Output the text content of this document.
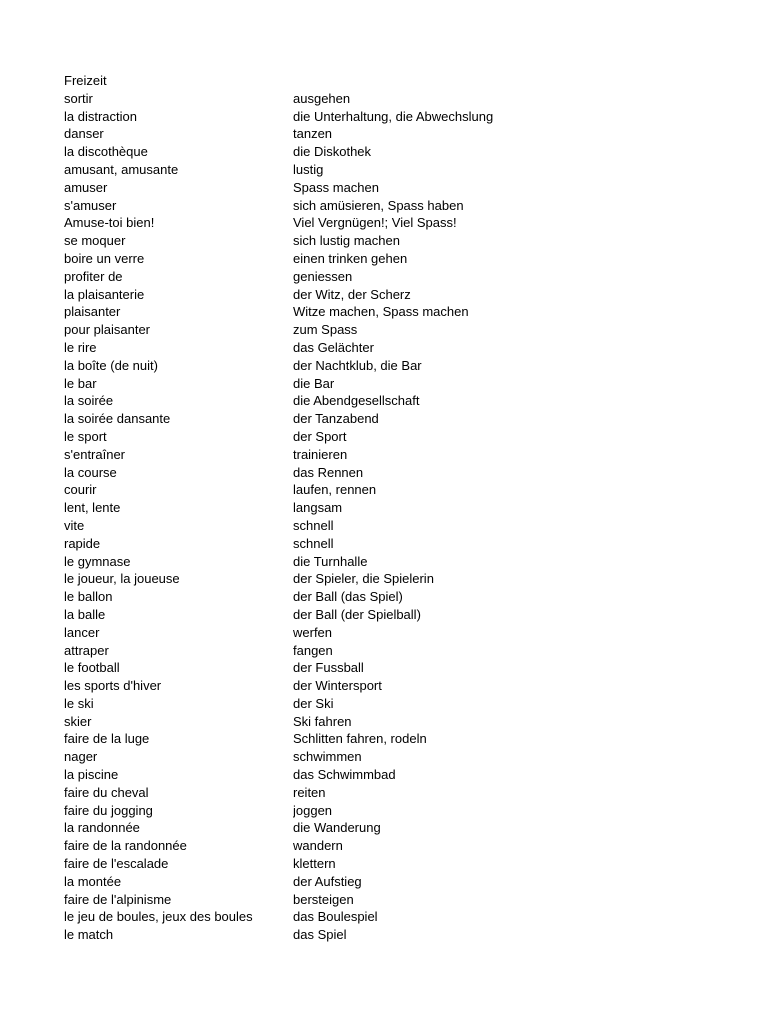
Freizeit
sortir	ausgehen
la distraction	die Unterhaltung, die Abwechslung
danser	tanzen
la discothèque	die Diskothek
amusant, amusante	lustig
amuser	Spass machen
s'amuser	sich amüsieren, Spass haben
Amuse-toi bien!	Viel Vergnügen!; Viel Spass!
se moquer	sich lustig machen
boire un verre	einen trinken gehen
profiter de	geniessen
la plaisanterie	der Witz, der Scherz
plaisanter	Witze machen, Spass machen
pour plaisanter	zum Spass
le rire	das Gelächter
la boîte (de nuit)	der Nachtklub, die Bar
le bar	die Bar
la soirée	die Abendgesellschaft
la soirée dansante	der Tanzabend
le sport	der Sport
s'entraîner	trainieren
la course	das Rennen
courir	laufen, rennen
lent, lente	langsam
vite	schnell
rapide	schnell
le gymnase	die Turnhalle
le joueur, la joueuse	der Spieler, die Spielerin
le ballon	der Ball (das Spiel)
la balle	der Ball (der Spielball)
lancer	werfen
attraper	fangen
le football	der Fussball
les sports d'hiver	der Wintersport
le ski	der Ski
skier	Ski fahren
faire de la luge	Schlitten fahren, rodeln
nager	schwimmen
la piscine	das Schwimmbad
faire du cheval	reiten
faire du jogging	joggen
la randonnée	die Wanderung
faire de la randonnée	wandern
faire de l'escalade	klettern
la montée	der Aufstieg
faire de l'alpinisme	bersteigen
le jeu de boules, jeux des boules	das Boulespiel
le match	das Spiel
